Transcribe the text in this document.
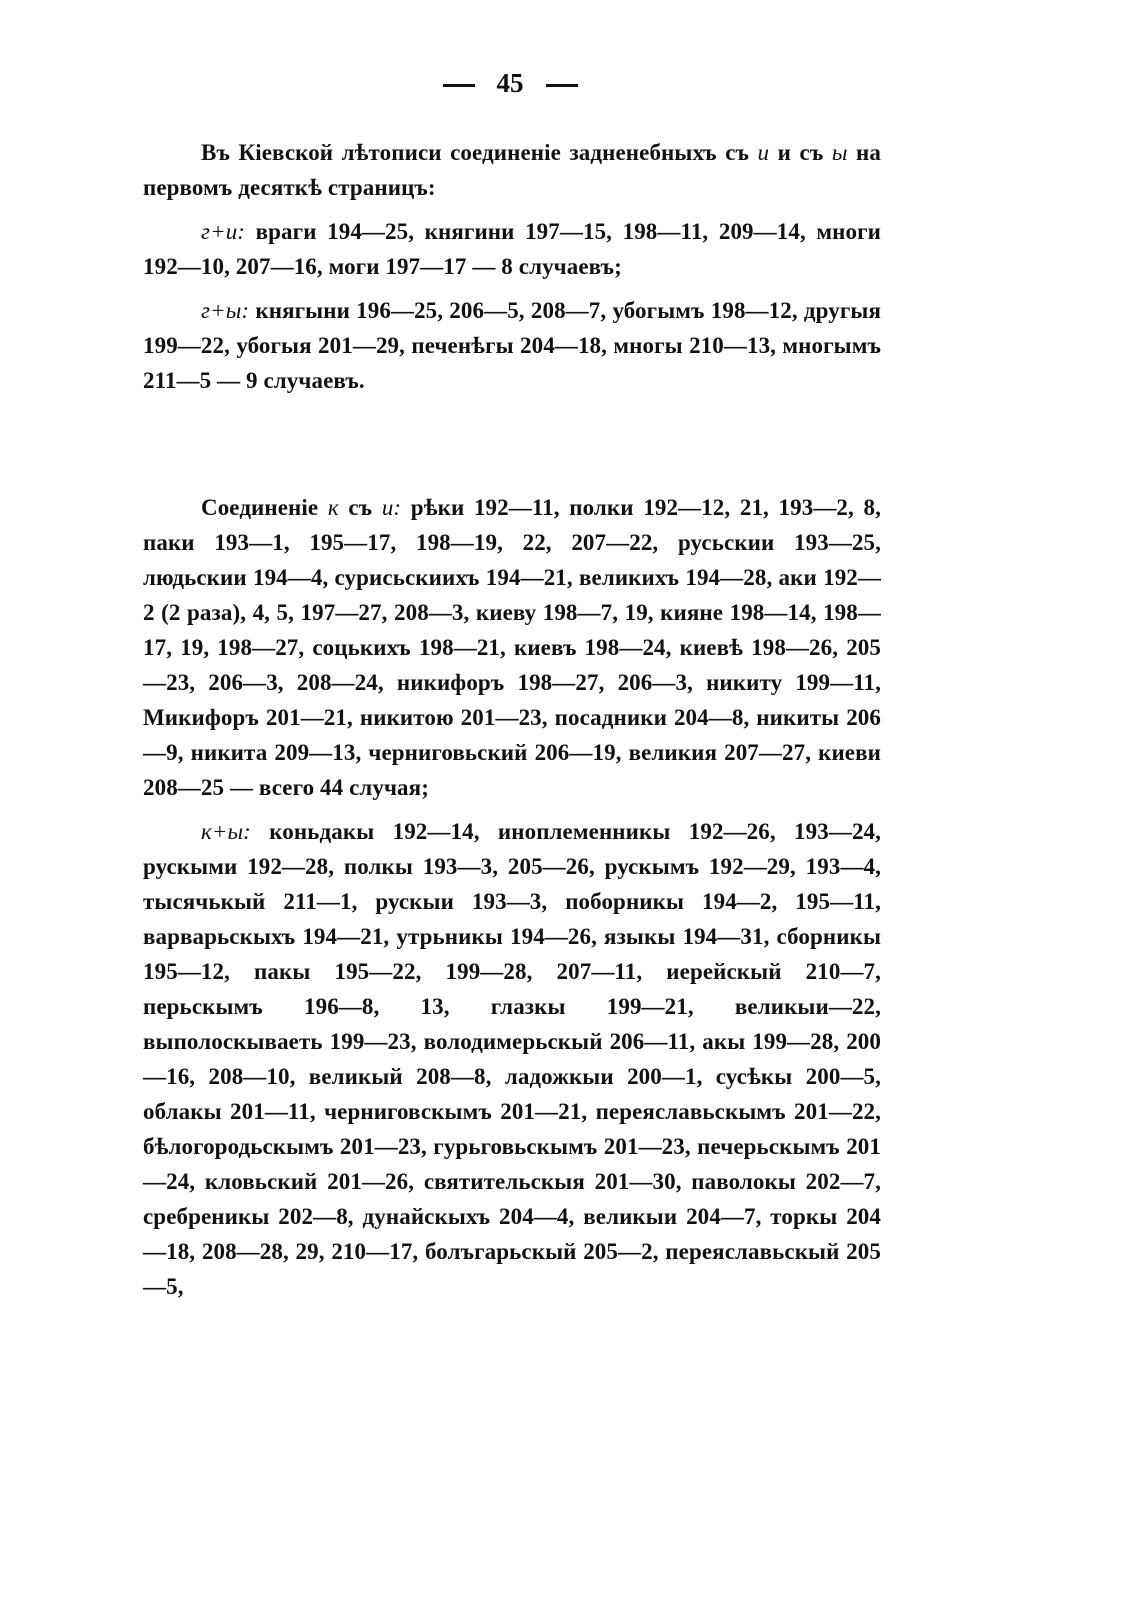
45

Въ Кіевской лѣтописи соединеніе задненебныхъ съ и и съ ы на первомъ десяткѣ страницъ:

г+и: враги 194—25, княгини 197—15, 198—11, 209—14, многи 192—10, 207—16, моги 197—17 — 8 случаевъ;

г+ы: княгыни 196—25, 206—5, 208—7, убогымъ 198—12, другыя 199—22, убогыя 201—29, печенѣгы 204—18, многы 210—13, многымъ 211—5 — 9 случаевъ.

Соединеніе к съ и: рѣки 192—11, полки 192—12, 21, 193—2, 8, паки 193—1, 195—17, 198—19, 22, 207—22, русьскии 193—25, людьскии 194—4, сурисьскиихъ 194—21, великихъ 194—28, аки 192—2 (2 раза), 4, 5, 197—27, 208—3, киеву 198—7, 19, кияне 198—14, 198—17, 19, 198—27, соцькихъ 198—21, киевъ 198—24, киевѣ 198—26, 205—23, 206—3, 208—24, никифоръ 198—27, 206—3, никиту 199—11, Микифоръ 201—21, никитою 201—23, посадники 204—8, никиты 206—9, никита 209—13, черниговьский 206—19, великия 207—27, киеви 208—25 — всего 44 случая;

к+ы: коньдакы 192—14, иноплеменникы 192—26, 193—24, рускыми 192—28, полкы 193—3, 205—26, рускымъ 192—29, 193—4, тысячькый 211—1, рускыи 193—3, поборникы 194—2, 195—11, варварьскыхъ 194—21, утрьникы 194—26, языкы 194—31, сборникы 195—12, пакы 195—22, 199—28, 207—11, иерейскый 210—7, перьскымъ 196—8, 13, глазкы 199—21, великыи—22, выполоскываеть 199—23, володимерьскый 206—11, акы 199—28, 200—16, 208—10, великый 208—8, ладожкыи 200—1, сусѣкы 200—5, облакы 201—11, черниговскымъ 201—21, переяславьскымъ 201—22, бѣлогородьскымъ 201—23, гурьговьскымъ 201—23, печерьскымъ 201—24, кловьский 201—26, святительскыя 201—30, паволокы 202—7, сребреникы 202—8, дунайскыхъ 204—4, великыи 204—7, торкы 204—18, 208—28, 29, 210—17, болъгарьскый 205—2, переяславьскый 205—5,
